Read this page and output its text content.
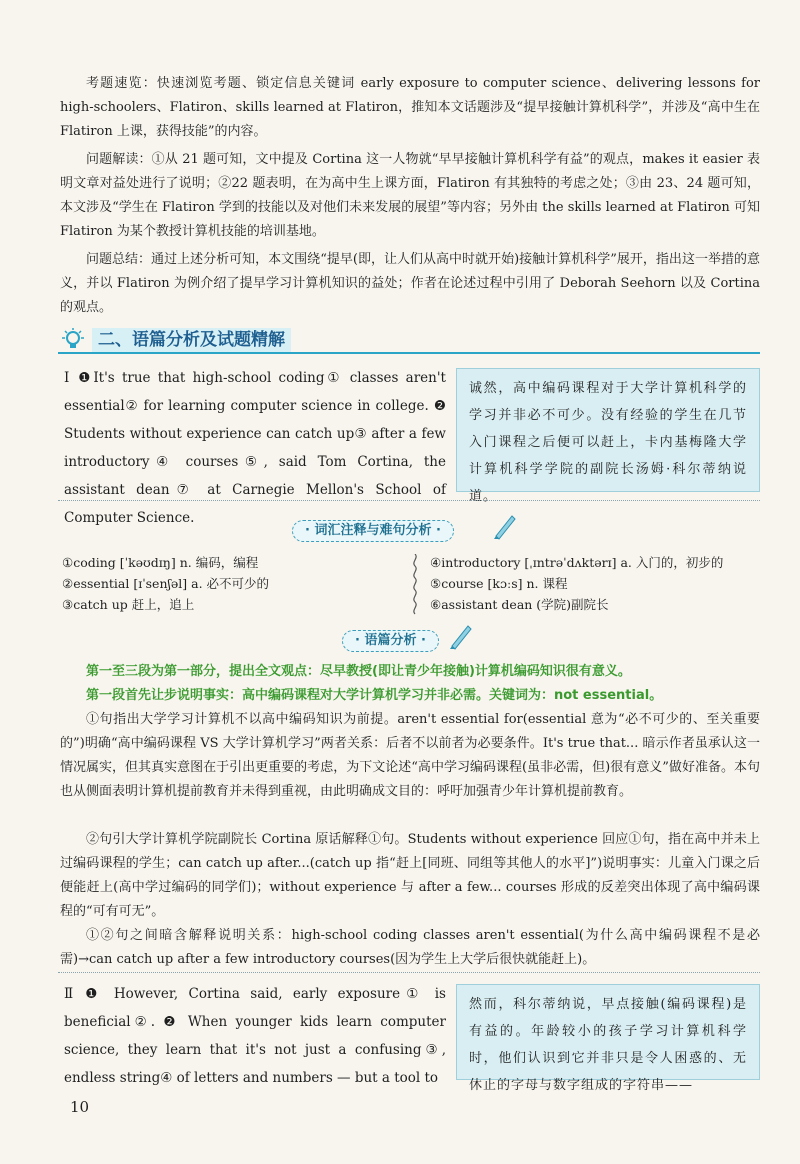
考题速览：快速浏览考题、锁定信息关键词 early exposure to computer science、delivering lessons for high-schoolers、Flatiron、skills learned at Flatiron，推知本文话题涉及“提早接触计算机科学”，并涉及“高中生在 Flatiron 上课，获得技能”的内容。

问题解读：①从 21 题可知，文中提及 Cortina 这一人物就“早早接触计算机科学有益”的观点，makes it easier 表明文章对益处进行了说明；②22 题表明，在为高中生上课方面，Flatiron 有其独特的考虑之处；③由 23、24 题可知，本文涉及“学生在 Flatiron 学到的技能以及对他们未来发展的展望”等内容；另外由 the skills learned at Flatiron 可知 Flatiron 为某个教授计算机技能的培训基地。

问题总结：通过上述分析可知，本文围绕“提早(即，让人们从高中时就开始)接触计算机科学”展开，指出这一举措的意义，并以 Flatiron 为例介绍了提早学习计算机知识的益处；作者在论述过程中引用了 Deborah Seehorn 以及 Cortina 的观点。

二、语篇分析及试题精解
Ⅰ ❶It's true that high-school coding① classes aren't essential② for learning computer science in college. ❷ Students without experience can catch up③ after a few introductory④ courses⑤, said Tom Cortina, the assistant dean⑦ at Carnegie Mellon's School of Computer Science.
诚然，高中编码课程对于大学计算机科学的学习并非必不可少。没有经验的学生在几节入门课程之后便可以赶上，卡内基梅隆大学计算机科学学院的副院长汤姆·科尔蒂纳说道。
· 词汇注释与难句分析 ·
①coding [ˈkəʊdɪŋ] n. 编码，编程
②essential [ɪˈsenʃəl] a. 必不可少的
③catch up 赶上，追上
④introductory [ˌɪntrəˈdʌktərɪ] a. 入门的，初步的
⑤course [kɔːs] n. 课程
⑥assistant dean (学院)副院长
· 语篇分析 ·

第一至三段为第一部分，提出全文观点：尽早教授(即让青少年接触)计算机编码知识很有意义。

第一段首先让步说明事实：高中编码课程对大学计算机学习并非必需。关键词为：not essential。

①句指出大学学习计算机不以高中编码知识为前提。aren't essential for(essential 意为“必不可少的、至关重要的”)明确“高中编码课程 VS 大学计算机学习”两者关系：后者不以前者为必要条件。It's true that... 暗示作者虽承认这一情况属实，但其真实意图在于引出更重要的考虑，为下文论述“高中学习编码课程(虽非必需，但)很有意义”做好准备。本句也从侧面表明计算机提前教育并未得到重视，由此明确成文目的：呼吁加强青少年计算机提前教育。

②句引大学计算机学院副院长 Cortina 原话解释①句。Students without experience 回应①句，指在高中并未上过编码课程的学生；can catch up after...(catch up 指“赶上[同班、同组等其他人的水平]”)说明事实：儿童入门课之后便能赶上(高中学过编码的同学们)；without experience 与 after a few... courses 形成的反差突出体现了高中编码课程的“可有可无”。

①②句之间暗含解释说明关系：high-school coding classes aren't essential(为什么高中编码课程不是必需)→can catch up after a few introductory courses(因为学生上大学后很快就能赶上)。

Ⅱ ❶ However, Cortina said, early exposure① is beneficial②. ❷ When younger kids learn computer science, they learn that it's not just a confusing③, endless string④ of letters and numbers — but a tool to
然而，科尔蒂纳说，早点接触(编码课程)是有益的。年龄较小的孩子学习计算机科学时，他们认识到它并非只是令人困惑的、无休止的字母与数字组成的字符串——
10
